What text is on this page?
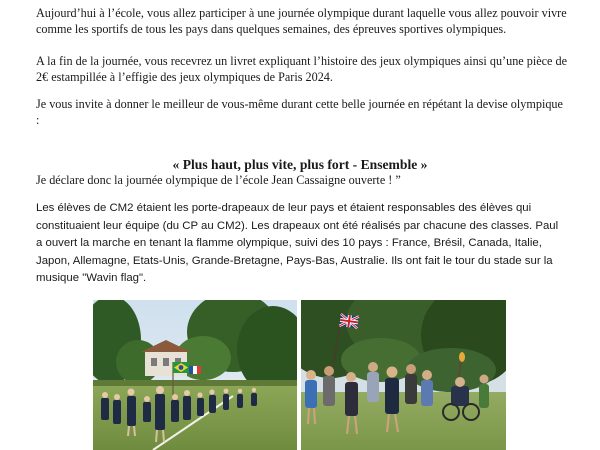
Aujourd’hui à l’école, vous allez participer à une journée olympique durant laquelle vous allez pouvoir vivre comme les sportifs de tous les pays dans quelques semaines, des épreuves sportives olympiques.

A la fin de la journée, vous recevrez un livret expliquant l’histoire des jeux olympiques ainsi qu’une pièce de 2€ estampillée à l’effigie des jeux olympiques de Paris 2024.

Je vous invite à donner le meilleur de vous-même durant cette belle journée en répétant la devise olympique :

« Plus haut, plus vite, plus fort - Ensemble »

Je déclare donc la journée olympique de l’école Jean Cassaigne ouverte ! ”

Les élèves de CM2 étaient les porte-drapeaux de leur pays et étaient responsables des élèves qui constituaient leur équipe (du CP au CM2). Les drapeaux ont été réalisés par chacune des classes. Paul a ouvert la marche en tenant la flamme olympique, suivi des 10 pays : France, Brésil, Canada, Italie, Japon, Allemagne, Etats-Unis, Grande-Bretagne, Pays-Bas, Australie. Ils ont fait le tour du stade sur la musique "Wavin flag".
